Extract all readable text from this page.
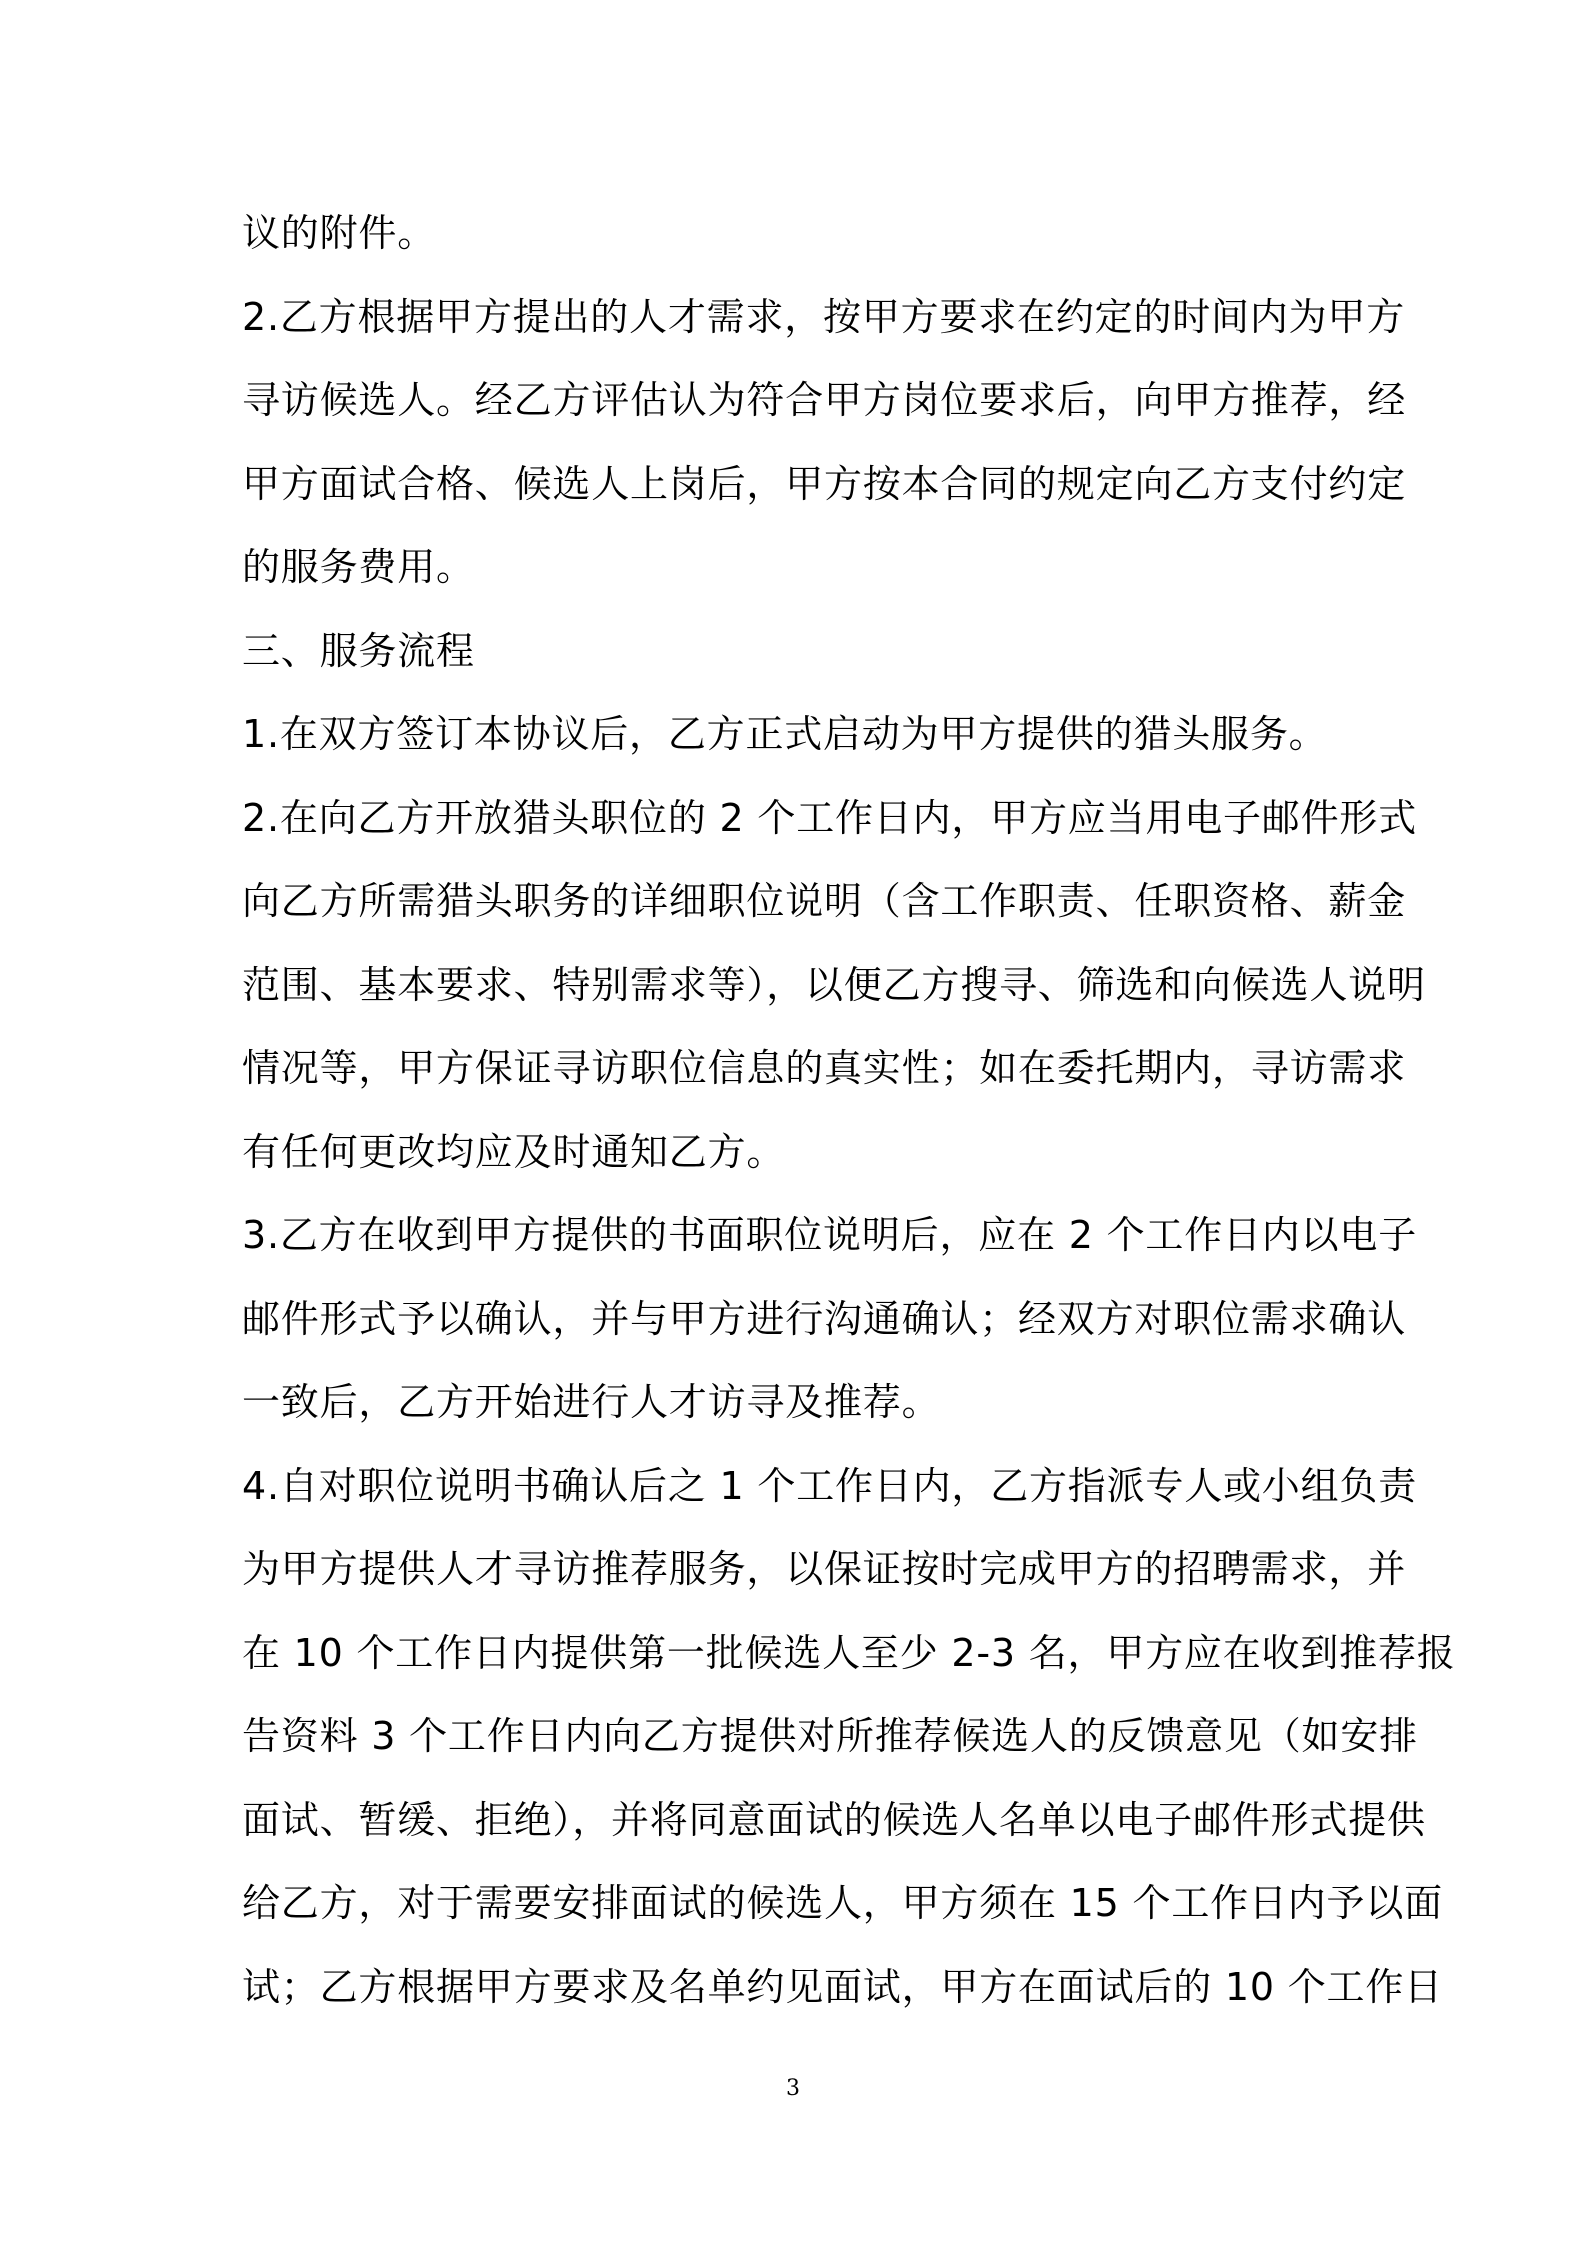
议的附件。
2.乙方根据甲方提出的人才需求，按甲方要求在约定的时间内为甲方
寻访候选人。经乙方评估认为符合甲方岗位要求后，向甲方推荐，经
甲方面试合格、候选人上岗后，甲方按本合同的规定向乙方支付约定
的服务费用。
三、服务流程
1.在双方签订本协议后，乙方正式启动为甲方提供的猎头服务。
2.在向乙方开放猎头职位的 2 个工作日内，甲方应当用电子邮件形式
向乙方所需猎头职务的详细职位说明（含工作职责、任职资格、薪金
范围、基本要求、特别需求等），以便乙方搜寻、筛选和向候选人说明
情况等，甲方保证寻访职位信息的真实性；如在委托期内，寻访需求
有任何更改均应及时通知乙方。
3.乙方在收到甲方提供的书面职位说明后，应在 2 个工作日内以电子
邮件形式予以确认，并与甲方进行沟通确认；经双方对职位需求确认
一致后，乙方开始进行人才访寻及推荐。
4.自对职位说明书确认后之 1 个工作日内，乙方指派专人或小组负责
为甲方提供人才寻访推荐服务，以保证按时完成甲方的招聘需求，并
在 10 个工作日内提供第一批候选人至少 2-3 名，甲方应在收到推荐报
告资料 3 个工作日内向乙方提供对所推荐候选人的反馈意见（如安排
面试、暂缓、拒绝），并将同意面试的候选人名单以电子邮件形式提供
给乙方，对于需要安排面试的候选人，甲方须在 15 个工作日内予以面
试；乙方根据甲方要求及名单约见面试，甲方在面试后的 10 个工作日
3
